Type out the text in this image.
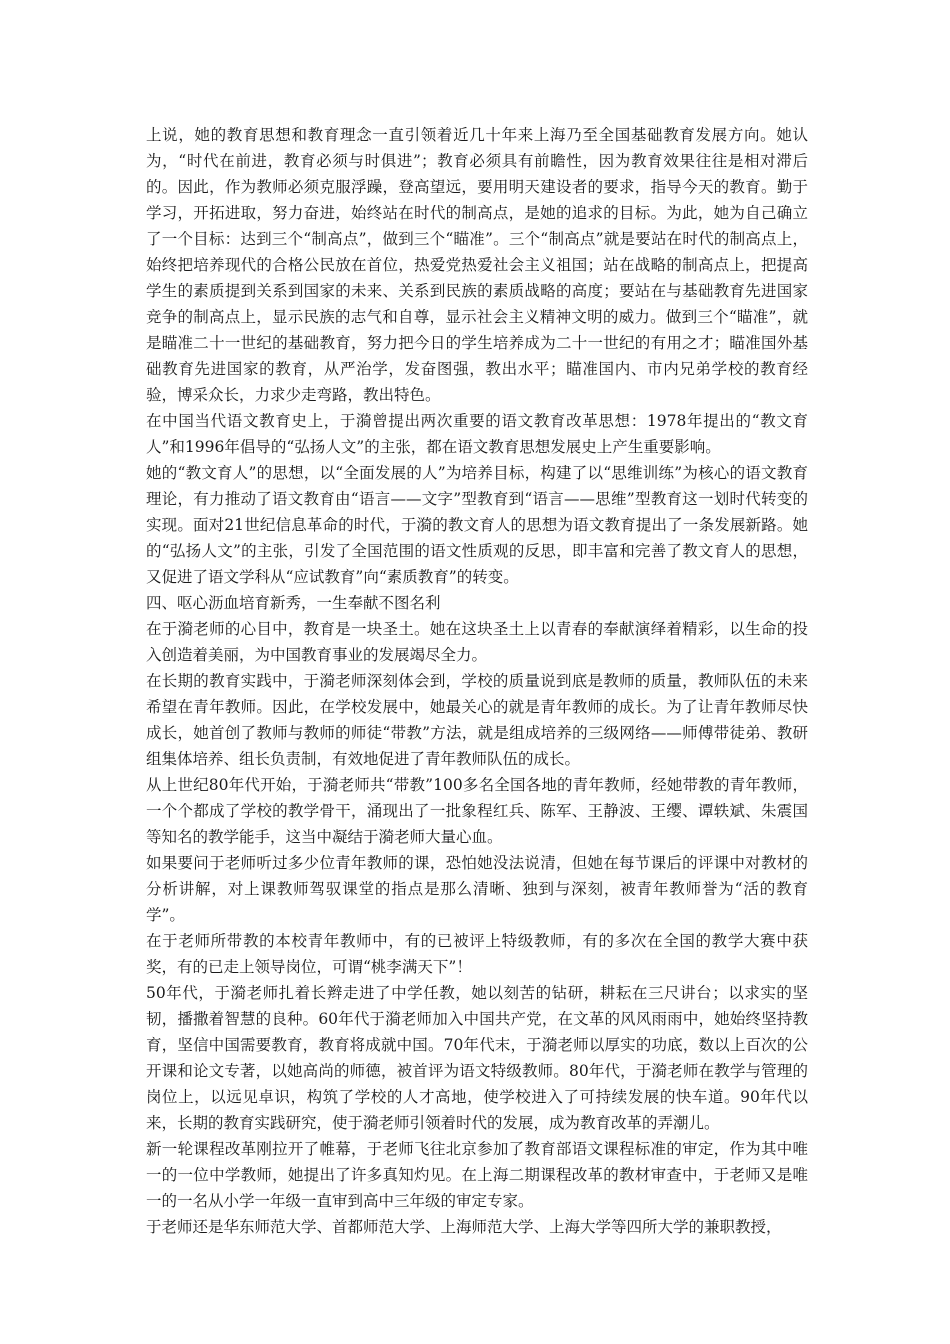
上说，她的教育思想和教育理念一直引领着近几十年来上海乃至全国基础教育发展方向。她认为，“时代在前进，教育必须与时俱进”；教育必须具有前瞻性，因为教育效果往往是相对滞后的。因此，作为教师必须克服浮躁，登高望远，要用明天建设者的要求，指导今天的教育。勤于学习，开拓进取，努力奋进，始终站在时代的制高点，是她的追求的目标。为此，她为自己确立了一个目标：达到三个“制高点”，做到三个“瞄准”。三个“制高点”就是要站在时代的制高点上，始终把培养现代的合格公民放在首位，热爱党热爱社会主义祖国；站在战略的制高点上，把提高学生的素质提到关系到国家的未来、关系到民族的素质战略的高度；要站在与基础教育先进国家竞争的制高点上，显示民族的志气和自尊，显示社会主义精神文明的威力。做到三个“瞄准”，就是瞄准二十一世纪的基础教育，努力把今日的学生培养成为二十一世纪的有用之才；瞄准国外基础教育先进国家的教育，从严治学，发奋图强，教出水平；瞄准国内、市内兄弟学校的教育经验，博采众长，力求少走弯路，教出特色。

在中国当代语文教育史上，于漪曾提出两次重要的语文教育改革思想：1978年提出的“教文育人”和1996年倡导的“弘扬人文”的主张，都在语文教育思想发展史上产生重要影响。

她的“教文育人”的思想，以“全面发展的人”为培养目标，构建了以“思维训练”为核心的语文教育理论，有力推动了语文教育由“语言——文字”型教育到“语言——思维”型教育这一划时代转变的实现。面对21世纪信息革命的时代，于漪的教文育人的思想为语文教育提出了一条发展新路。她的“弘扬人文”的主张，引发了全国范围的语文性质观的反思，即丰富和完善了教文育人的思想，又促进了语文学科从“应试教育”向“素质教育”的转变。

四、呕心沥血培育新秀，一生奉献不图名利

在于漪老师的心目中，教育是一块圣土。她在这块圣土上以青春的奉献演绎着精彩，以生命的投入创造着美丽，为中国教育事业的发展竭尽全力。

在长期的教育实践中，于漪老师深刻体会到，学校的质量说到底是教师的质量，教师队伍的未来希望在青年教师。因此，在学校发展中，她最关心的就是青年教师的成长。为了让青年教师尽快成长，她首创了教师与教师的师徒“带教”方法，就是组成培养的三级网络——师傅带徒弟、教研组集体培养、组长负责制，有效地促进了青年教师队伍的成长。

从上世纪80年代开始，于漪老师共“带教”100多名全国各地的青年教师，经她带教的青年教师，一个个都成了学校的教学骨干，涌现出了一批象程红兵、陈军、王静波、王缨、谭轶斌、朱震国等知名的教学能手，这当中凝结于漪老师大量心血。

如果要问于老师听过多少位青年教师的课，恐怕她没法说清，但她在每节课后的评课中对教材的分析讲解，对上课教师驾驭课堂的指点是那么清晰、独到与深刻，被青年教师誉为“活的教育学”。

在于老师所带教的本校青年教师中，有的已被评上特级教师，有的多次在全国的教学大赛中获奖，有的已走上领导岗位，可谓“桃李满天下”！

50年代，于漪老师扎着长辫走进了中学任教，她以刻苦的钻研，耕耘在三尺讲台；以求实的坚韧，播撒着智慧的良种。60年代于漪老师加入中国共产党，在文革的风风雨雨中，她始终坚持教育，坚信中国需要教育，教育将成就中国。70年代末，于漪老师以厚实的功底，数以上百次的公开课和论文专著，以她高尚的师德，被首评为语文特级教师。80年代，于漪老师在教学与管理的岗位上，以远见卓识，构筑了学校的人才高地，使学校进入了可持续发展的快车道。90年代以来，长期的教育实践研究，使于漪老师引领着时代的发展，成为教育改革的弄潮儿。

新一轮课程改革刚拉开了帷幕，于老师飞往北京参加了教育部语文课程标准的审定，作为其中唯一的一位中学教师，她提出了许多真知灼见。在上海二期课程改革的教材审查中，于老师又是唯一的一名从小学一年级一直审到高中三年级的审定专家。

于老师还是华东师范大学、首都师范大学、上海师范大学、上海大学等四所大学的兼职教授，
